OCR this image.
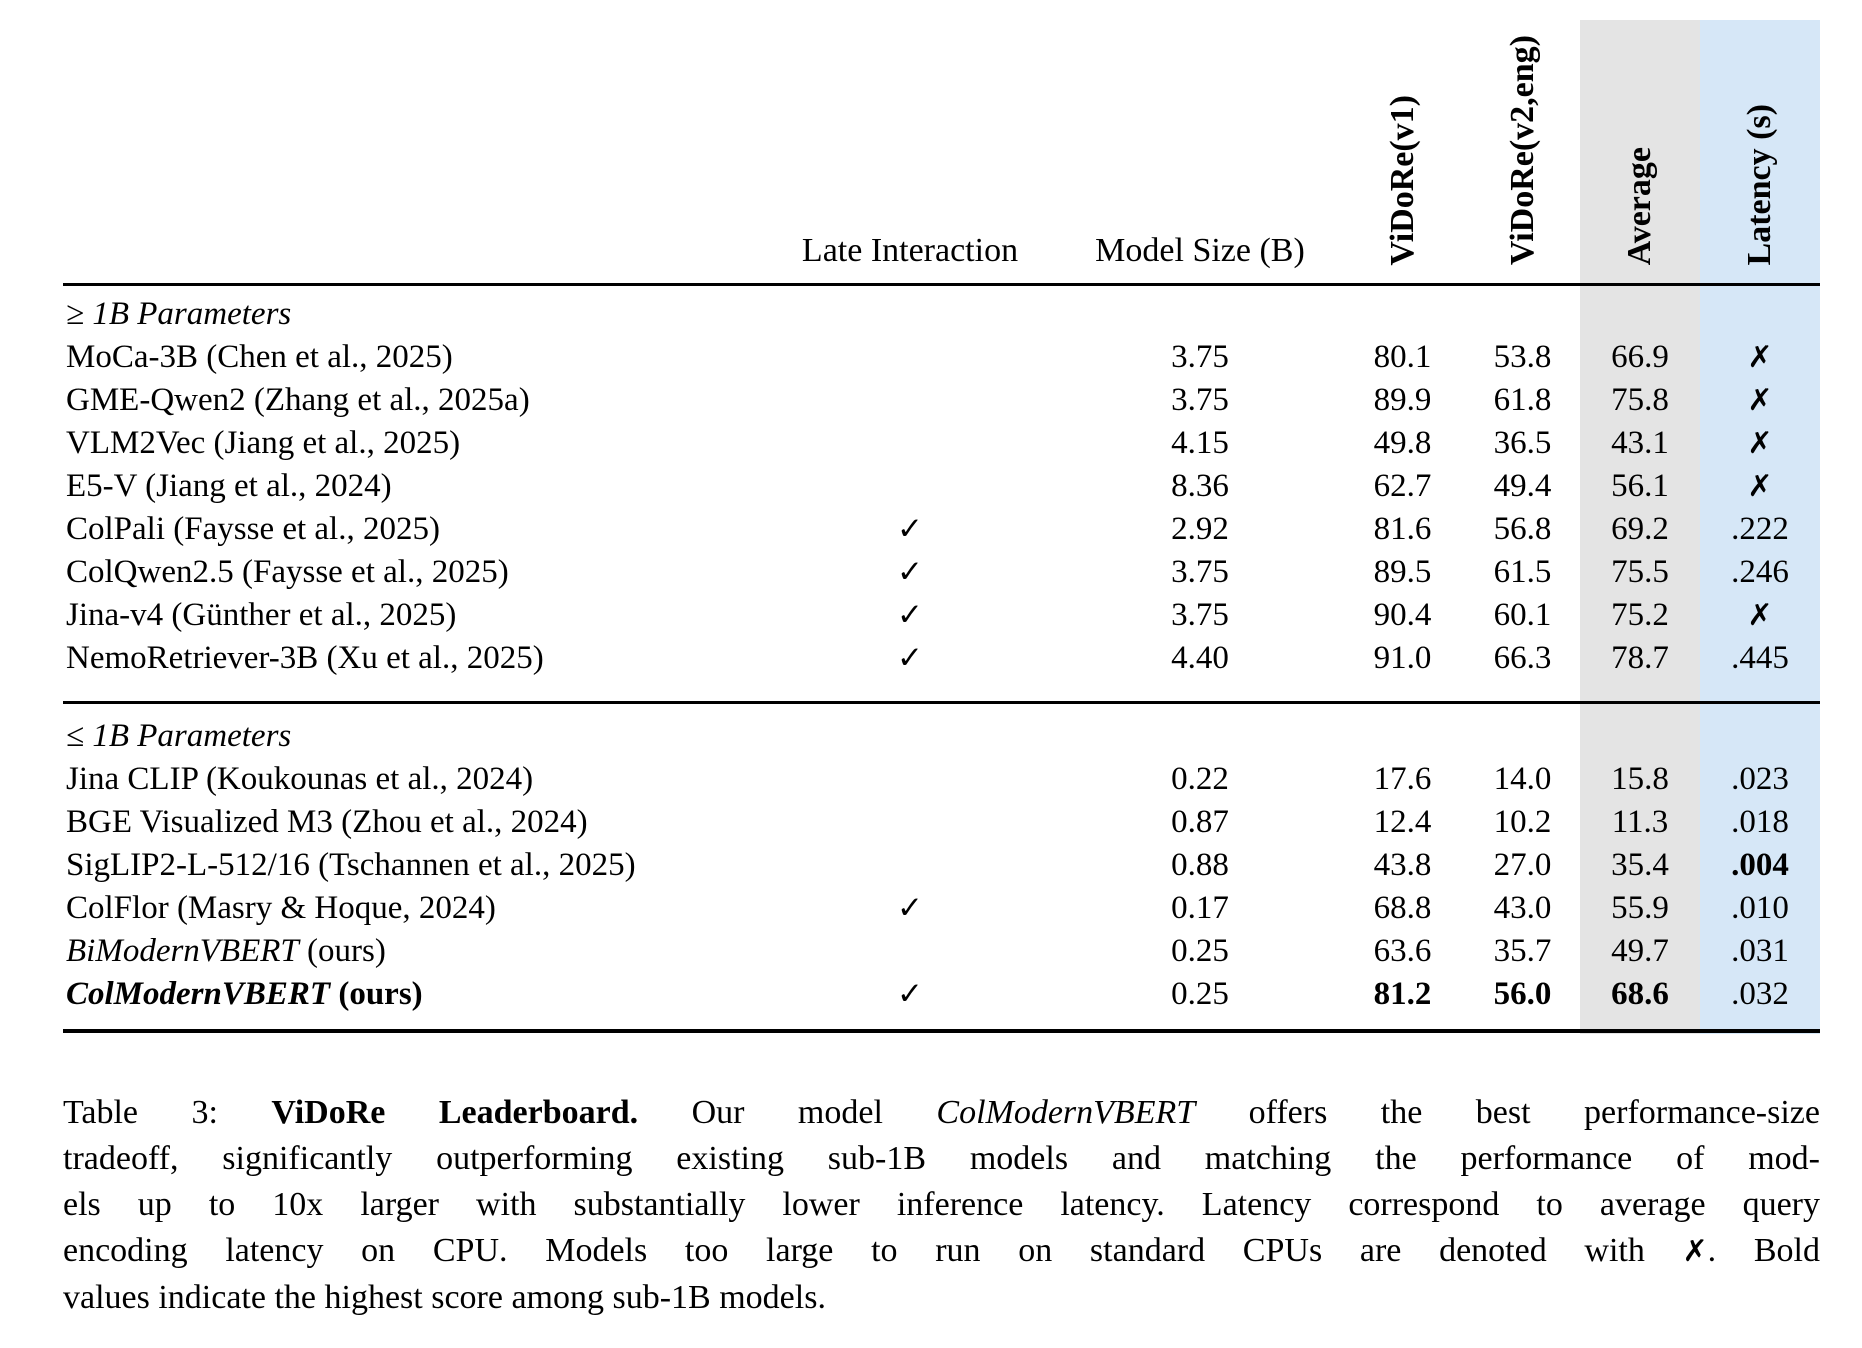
	Late Interaction	Model Size (B)	ViDoRe(v1)	ViDoRe(v2,eng)	Average	Latency (s)
≥ 1B Parameters						
MoCa-3B (Chen et al., 2025)		3.75	80.1	53.8	66.9	✗
GME-Qwen2 (Zhang et al., 2025a)		3.75	89.9	61.8	75.8	✗
VLM2Vec (Jiang et al., 2025)		4.15	49.8	36.5	43.1	✗
E5-V (Jiang et al., 2024)		8.36	62.7	49.4	56.1	✗
ColPali (Faysse et al., 2025)	✓	2.92	81.6	56.8	69.2	.222
ColQwen2.5 (Faysse et al., 2025)	✓	3.75	89.5	61.5	75.5	.246
Jina-v4 (Günther et al., 2025)	✓	3.75	90.4	60.1	75.2	✗
NemoRetriever-3B (Xu et al., 2025)	✓	4.40	91.0	66.3	78.7	.445
≤ 1B Parameters						
Jina CLIP (Koukounas et al., 2024)		0.22	17.6	14.0	15.8	.023
BGE Visualized M3 (Zhou et al., 2024)		0.87	12.4	10.2	11.3	.018
SigLIP2-L-512/16 (Tschannen et al., 2025)		0.88	43.8	27.0	35.4	.004
ColFlor (Masry & Hoque, 2024)	✓	0.17	68.8	43.0	55.9	.010
BiModernVBERT (ours)		0.25	63.6	35.7	49.7	.031
ColModernVBERT (ours)	✓	0.25	81.2	56.0	68.6	.032
Table 3: ViDoRe Leaderboard. Our model ColModernVBERT offers the best performance-size
tradeoff, significantly outperforming existing sub-1B models and matching the performance of mod-
els up to 10x larger with substantially lower inference latency. Latency correspond to average query
encoding latency on CPU. Models too large to run on standard CPUs are denoted with ✗. Bold
values indicate the highest score among sub-1B models.
